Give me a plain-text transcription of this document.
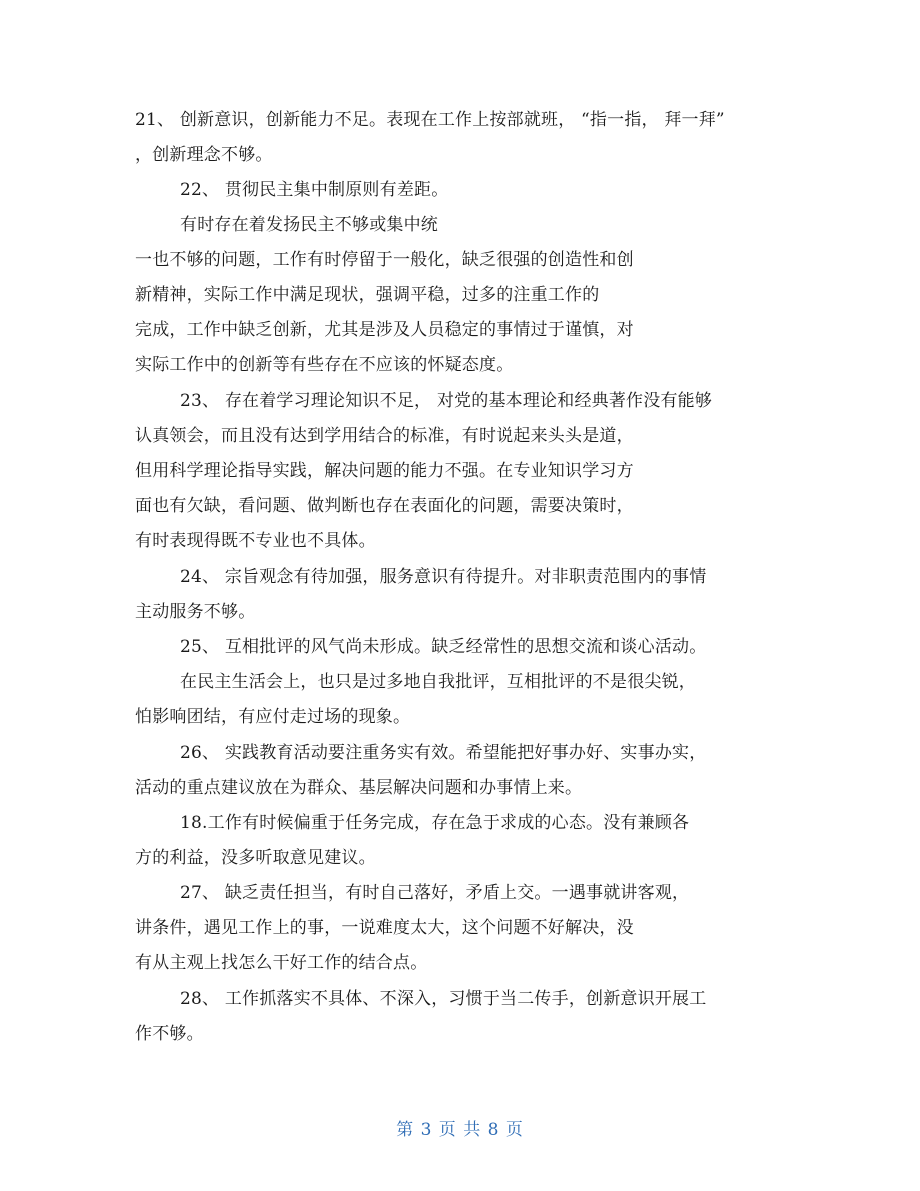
21、 创新意识，创新能力不足。表现在工作上按部就班， “指一指， 拜一拜”
，创新理念不够。
22、 贯彻民主集中制原则有差距。
有时存在着发扬民主不够或集中统
一也不够的问题，工作有时停留于一般化，缺乏很强的创造性和创
新精神，实际工作中满足现状，强调平稳，过多的注重工作的
完成，工作中缺乏创新，尤其是涉及人员稳定的事情过于谨慎，对
实际工作中的创新等有些存在不应该的怀疑态度。
23、 存在着学习理论知识不足， 对党的基本理论和经典著作没有能够
认真领会，而且没有达到学用结合的标准，有时说起来头头是道，
但用科学理论指导实践，解决问题的能力不强。在专业知识学习方
面也有欠缺，看问题、做判断也存在表面化的问题，需要决策时，
有时表现得既不专业也不具体。
24、 宗旨观念有待加强，服务意识有待提升。对非职责范围内的事情
主动服务不够。
25、 互相批评的风气尚未形成。缺乏经常性的思想交流和谈心活动。
在民主生活会上，也只是过多地自我批评，互相批评的不是很尖锐，
怕影响团结，有应付走过场的现象。
26、 实践教育活动要注重务实有效。希望能把好事办好、实事办实，
活动的重点建议放在为群众、基层解决问题和办事情上来。
18.工作有时候偏重于任务完成，存在急于求成的心态。没有兼顾各
方的利益，没多听取意见建议。
27、 缺乏责任担当，有时自己落好，矛盾上交。一遇事就讲客观，
讲条件，遇见工作上的事，一说难度太大，这个问题不好解决，没
有从主观上找怎么干好工作的结合点。
28、 工作抓落实不具体、不深入，习惯于当二传手，创新意识开展工
作不够。
第 3 页 共 8 页
